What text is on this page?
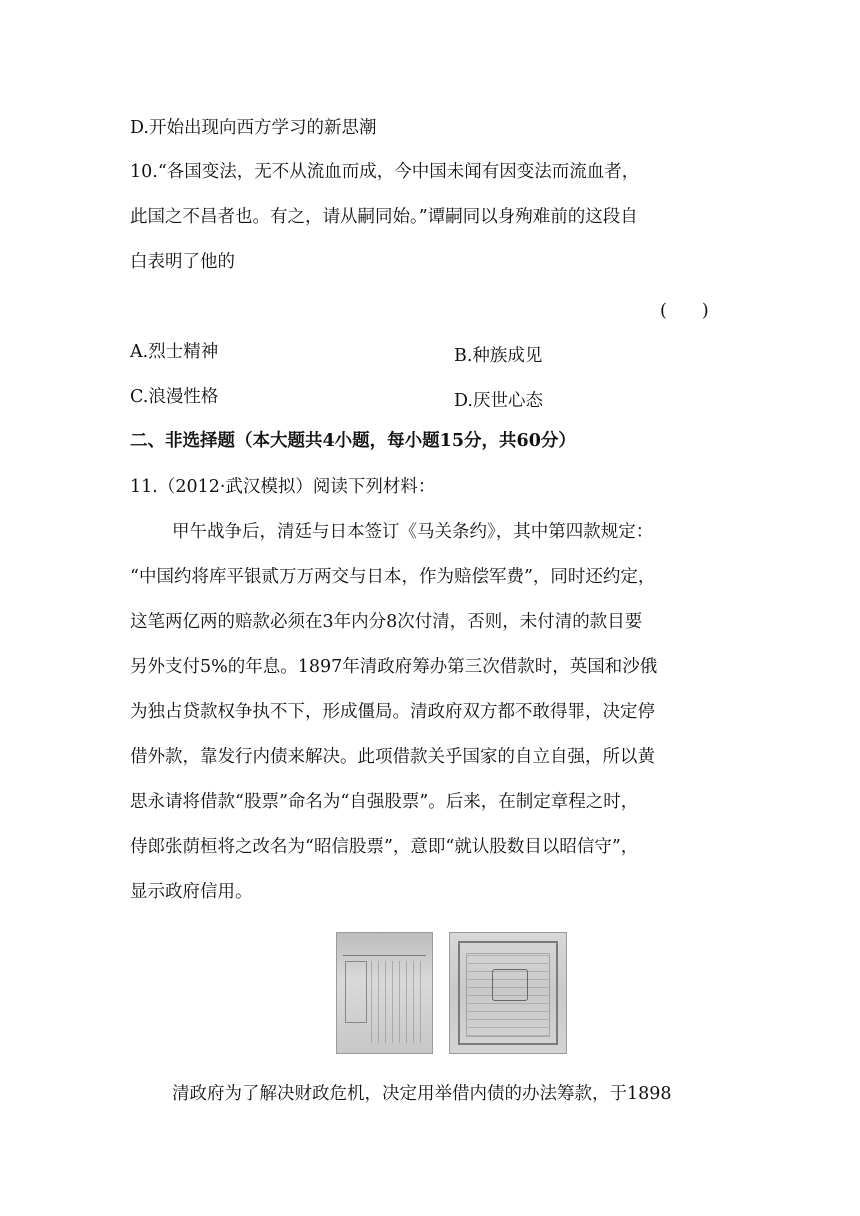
D.开始出现向西方学习的新思潮
10.“各国变法，无不从流血而成，今中国未闻有因变法而流血者，
此国之不昌者也。有之，请从嗣同始。”谭嗣同以身殉难前的这段自
白表明了他的
(　　)
A.烈士精神	B.种族成见
C.浪漫性格	D.厌世心态
二、非选择题（本大题共4小题，每小题15分，共60分）
11.（2012·武汉模拟）阅读下列材料：
甲午战争后，清廷与日本签订《马关条约》，其中第四款规定：
“中国约将库平银贰万万两交与日本，作为赔偿军费”，同时还约定，
这笔两亿两的赔款必须在3年内分8次付清，否则，未付清的款目要
另外支付5%的年息。1897年清政府筹办第三次借款时，英国和沙俄
为独占贷款权争执不下，形成僵局。清政府双方都不敢得罪，决定停
借外款，靠发行内债来解决。此项借款关乎国家的自立自强，所以黄
思永请将借款“股票”命名为“自强股票”。后来，在制定章程之时，
侍郎张荫桓将之改名为“昭信股票”，意即“就认股数目以昭信守”，
显示政府信用。
清政府为了解决财政危机，决定用举借内债的办法筹款，于1898
